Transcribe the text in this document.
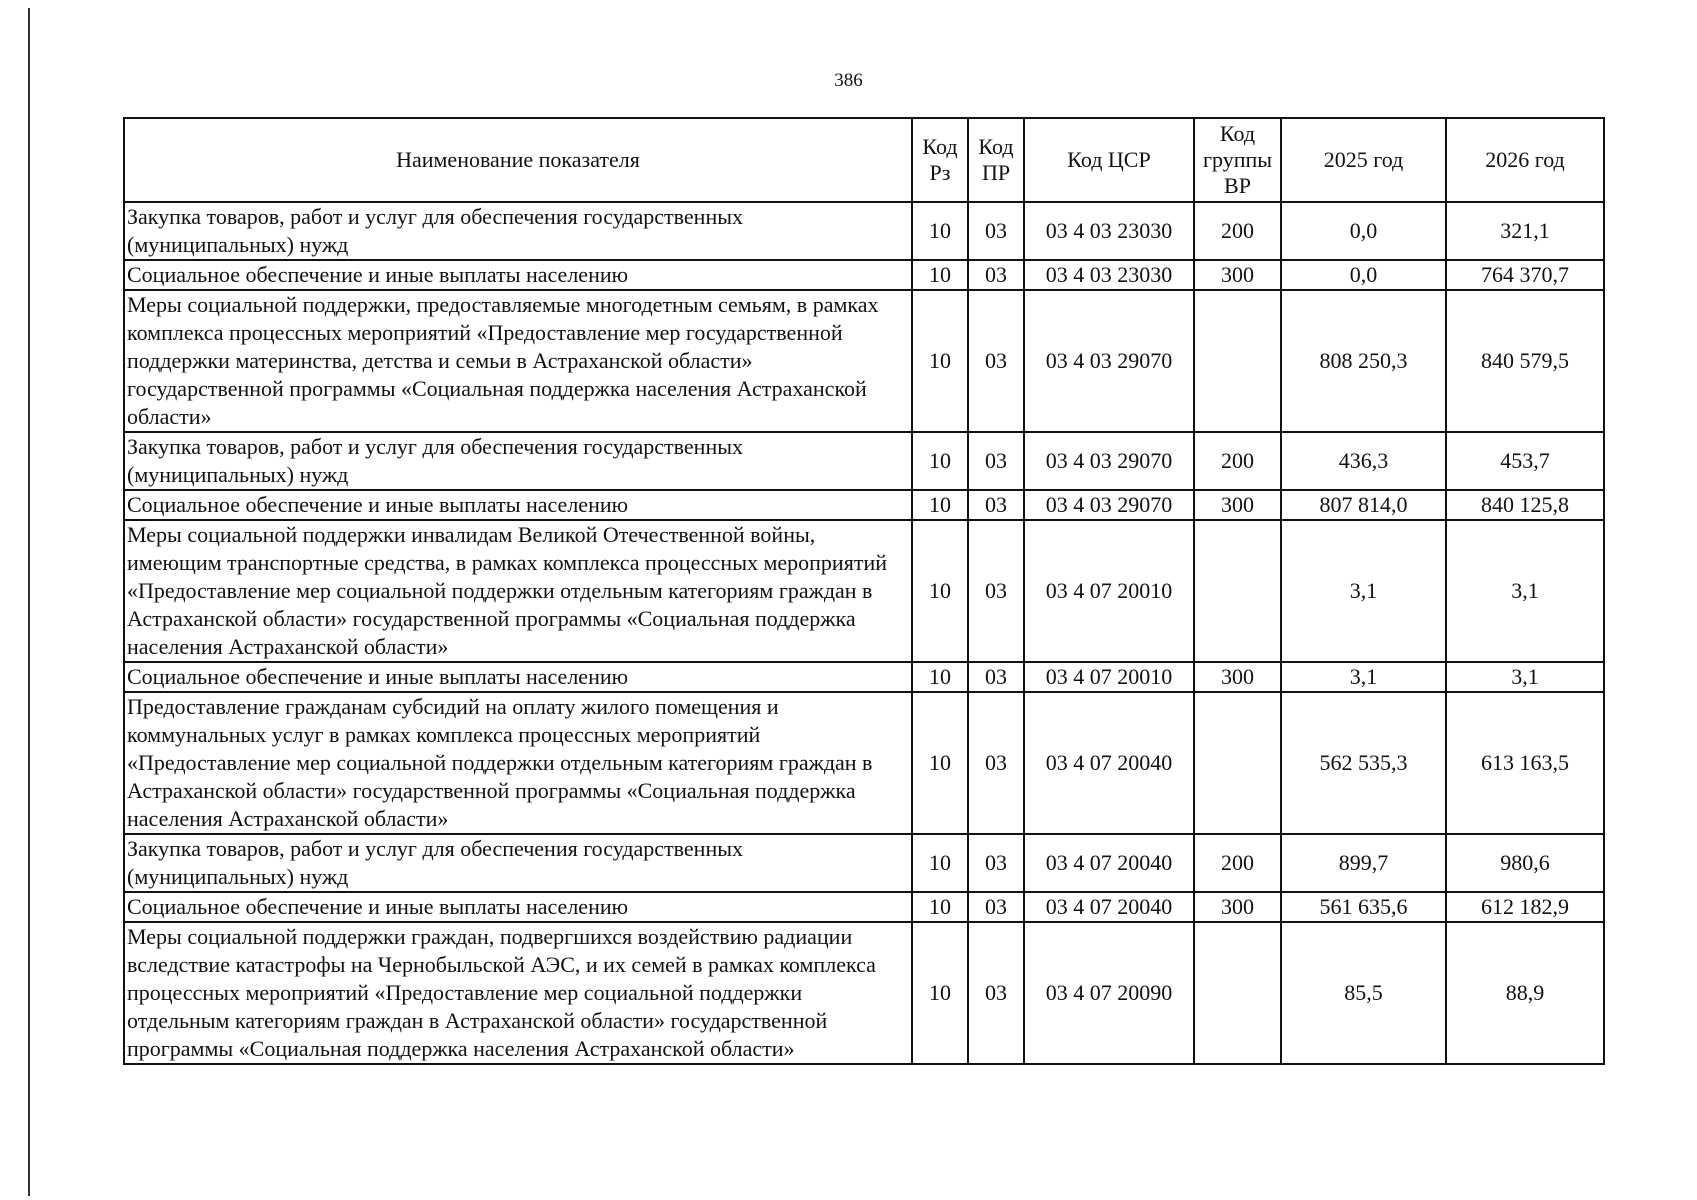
386
Наименование показателя	Код Рз	Код ПР	Код ЦСР	Код группы ВР	2025 год	2026 год
Закупка товаров, работ и услуг для обеспечения государственных (муниципальных) нужд	10	03	03 4 03 23030	200	0,0	321,1
Социальное обеспечение и иные выплаты населению	10	03	03 4 03 23030	300	0,0	764 370,7
Меры социальной поддержки, предоставляемые многодетным семьям, в рамках комплекса процессных мероприятий «Предоставление мер государственной поддержки материнства, детства и семьи в Астраханской области» государственной программы «Социальная поддержка населения Астраханской области»	10	03	03 4 03 29070		808 250,3	840 579,5
Закупка товаров, работ и услуг для обеспечения государственных (муниципальных) нужд	10	03	03 4 03 29070	200	436,3	453,7
Социальное обеспечение и иные выплаты населению	10	03	03 4 03 29070	300	807 814,0	840 125,8
Меры социальной поддержки инвалидам Великой Отечественной войны, имеющим транспортные средства, в рамках комплекса процессных мероприятий «Предоставление мер социальной поддержки отдельным категориям граждан в Астраханской области» государственной программы «Социальная поддержка населения Астраханской области»	10	03	03 4 07 20010		3,1	3,1
Социальное обеспечение и иные выплаты населению	10	03	03 4 07 20010	300	3,1	3,1
Предоставление гражданам субсидий на оплату жилого помещения и коммунальных услуг в рамках комплекса процессных мероприятий «Предоставление мер социальной поддержки отдельным категориям граждан в Астраханской области» государственной программы «Социальная поддержка населения Астраханской области»	10	03	03 4 07 20040		562 535,3	613 163,5
Закупка товаров, работ и услуг для обеспечения государственных (муниципальных) нужд	10	03	03 4 07 20040	200	899,7	980,6
Социальное обеспечение и иные выплаты населению	10	03	03 4 07 20040	300	561 635,6	612 182,9
Меры социальной поддержки граждан, подвергшихся воздействию радиации вследствие катастрофы на Чернобыльской АЭС, и их семей в рамках комплекса процессных мероприятий «Предоставление мер социальной поддержки отдельным категориям граждан в Астраханской области» государственной программы «Социальная поддержка населения Астраханской области»	10	03	03 4 07 20090		85,5	88,9
